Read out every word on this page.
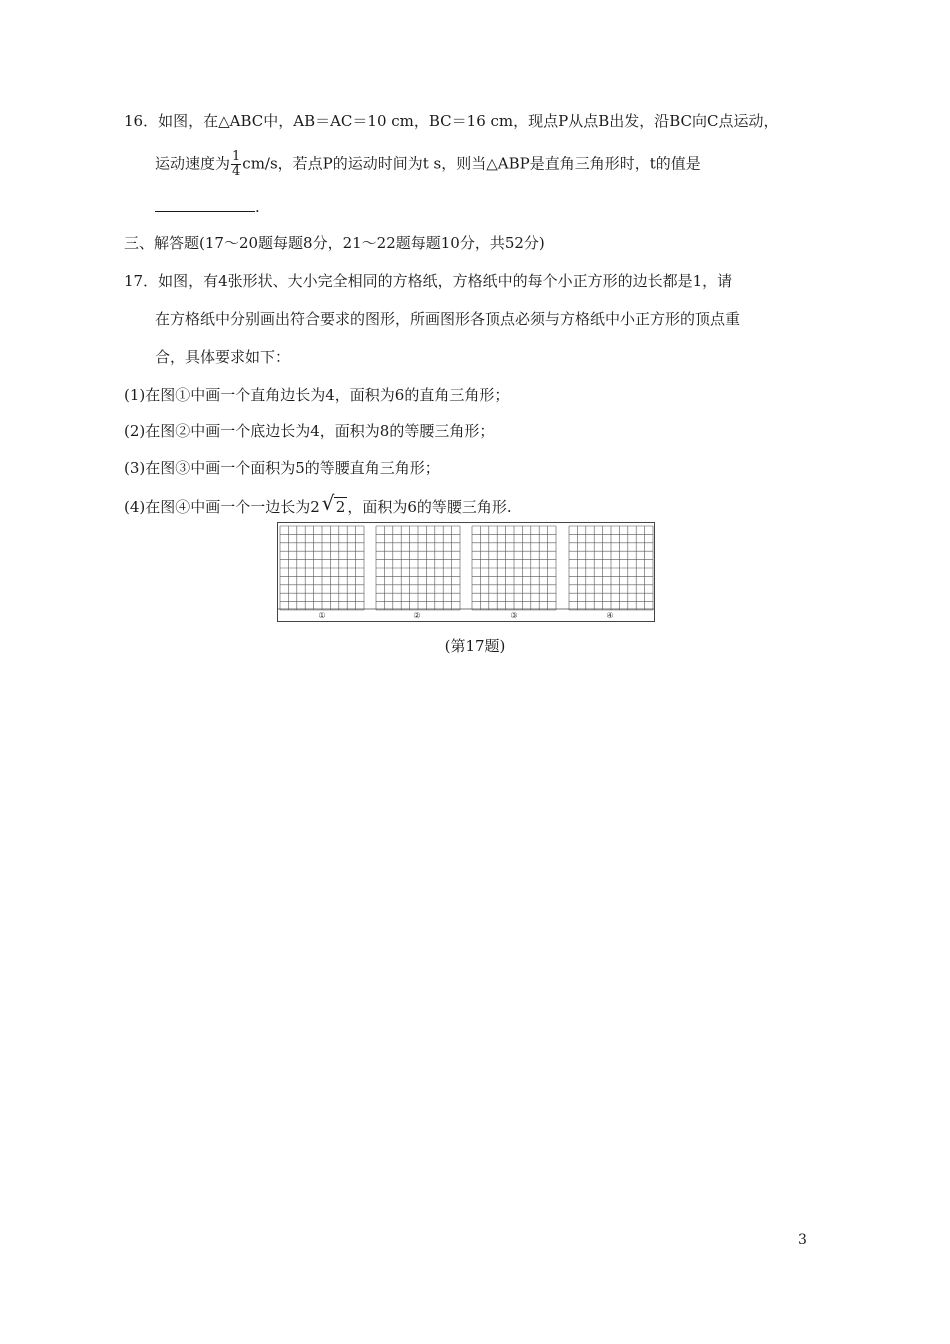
16．如图，在△ABC中，AB＝AC＝10 cm，BC＝16 cm，现点P从点B出发，沿BC向C点运动，
运动速度为 $\frac{1}{4} cm/s$，若点P的运动时间为t s，则当△ABP是直角三角形时，t的值是
.
三、解答题(17～20题每题8分，21～22题每题10分，共52分)
17．如图，有4张形状、大小完全相同的方格纸，方格纸中的每个小正方形的边长都是1，请
在方格纸中分别画出符合要求的图形，所画图形各顶点必须与方格纸中小正方形的顶点重
合，具体要求如下：
(1)在图①中画一个直角边长为4，面积为6的直角三角形；
(2)在图②中画一个底边长为4，面积为8的等腰三角形；
(3)在图③中画一个面积为5的等腰直角三角形；
(4)在图④中画一个一边长为2 √ 2 ，面积为6的等腰三角形.
①	②	③	④
(第17题)
3
